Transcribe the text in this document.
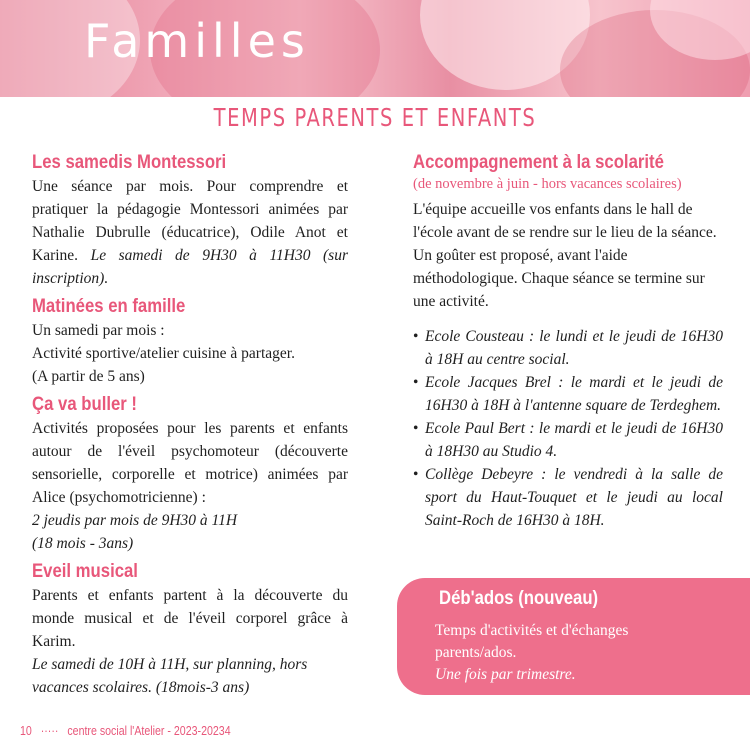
Familles
TEMPS PARENTS ET ENFANTS
Les samedis Montessori

Une séance par mois. Pour comprendre et pratiquer la pédagogie Montessori animées par Nathalie Dubrulle (éducatrice), Odile Anot et Karine. Le samedi de 9H30 à 11H30 (sur inscription).

Matinées en famille

Un samedi par mois :

Activité sportive/atelier cuisine à partager.

(A partir de 5 ans)

Ça va buller !

Activités proposées pour les parents et enfants autour de l'éveil psychomoteur (découverte sensorielle, corporelle et motrice) animées par Alice (psychomotricienne) :

2 jeudis par mois de 9H30 à 11H

(18 mois - 3ans)

Eveil musical

Parents et enfants partent à la découverte du monde musical et de l'éveil corporel grâce à Karim.

Le samedi de 10H à 11H, sur planning, hors vacances scolaires. (18mois-3 ans)

Accompagnement à la scolarité

(de novembre à juin - hors vacances scolaires)

L'équipe accueille vos enfants dans le hall de l'école avant de se rendre sur le lieu de la séance. Un goûter est proposé, avant l'aide méthodologique. Chaque séance se termine sur une activité.

• Ecole Cousteau : le lundi et le jeudi de 16H30 à 18H au centre social.
• Ecole Jacques Brel : le mardi et le jeudi de 16H30 à 18H à l'antenne square de Terdeghem.
• Ecole Paul Bert : le mardi et le jeudi de 16H30 à 18H30 au Studio 4.
• Collège Debeyre : le vendredi à la salle de sport du Haut-Touquet et le jeudi au local Saint-Roch de 16H30 à 18H.
Déb'ados (nouveau)
Temps d'activités et d'échanges
parents/ados.
Une fois par trimestre.
10 ····· centre social l'Atelier - 2023-20234
